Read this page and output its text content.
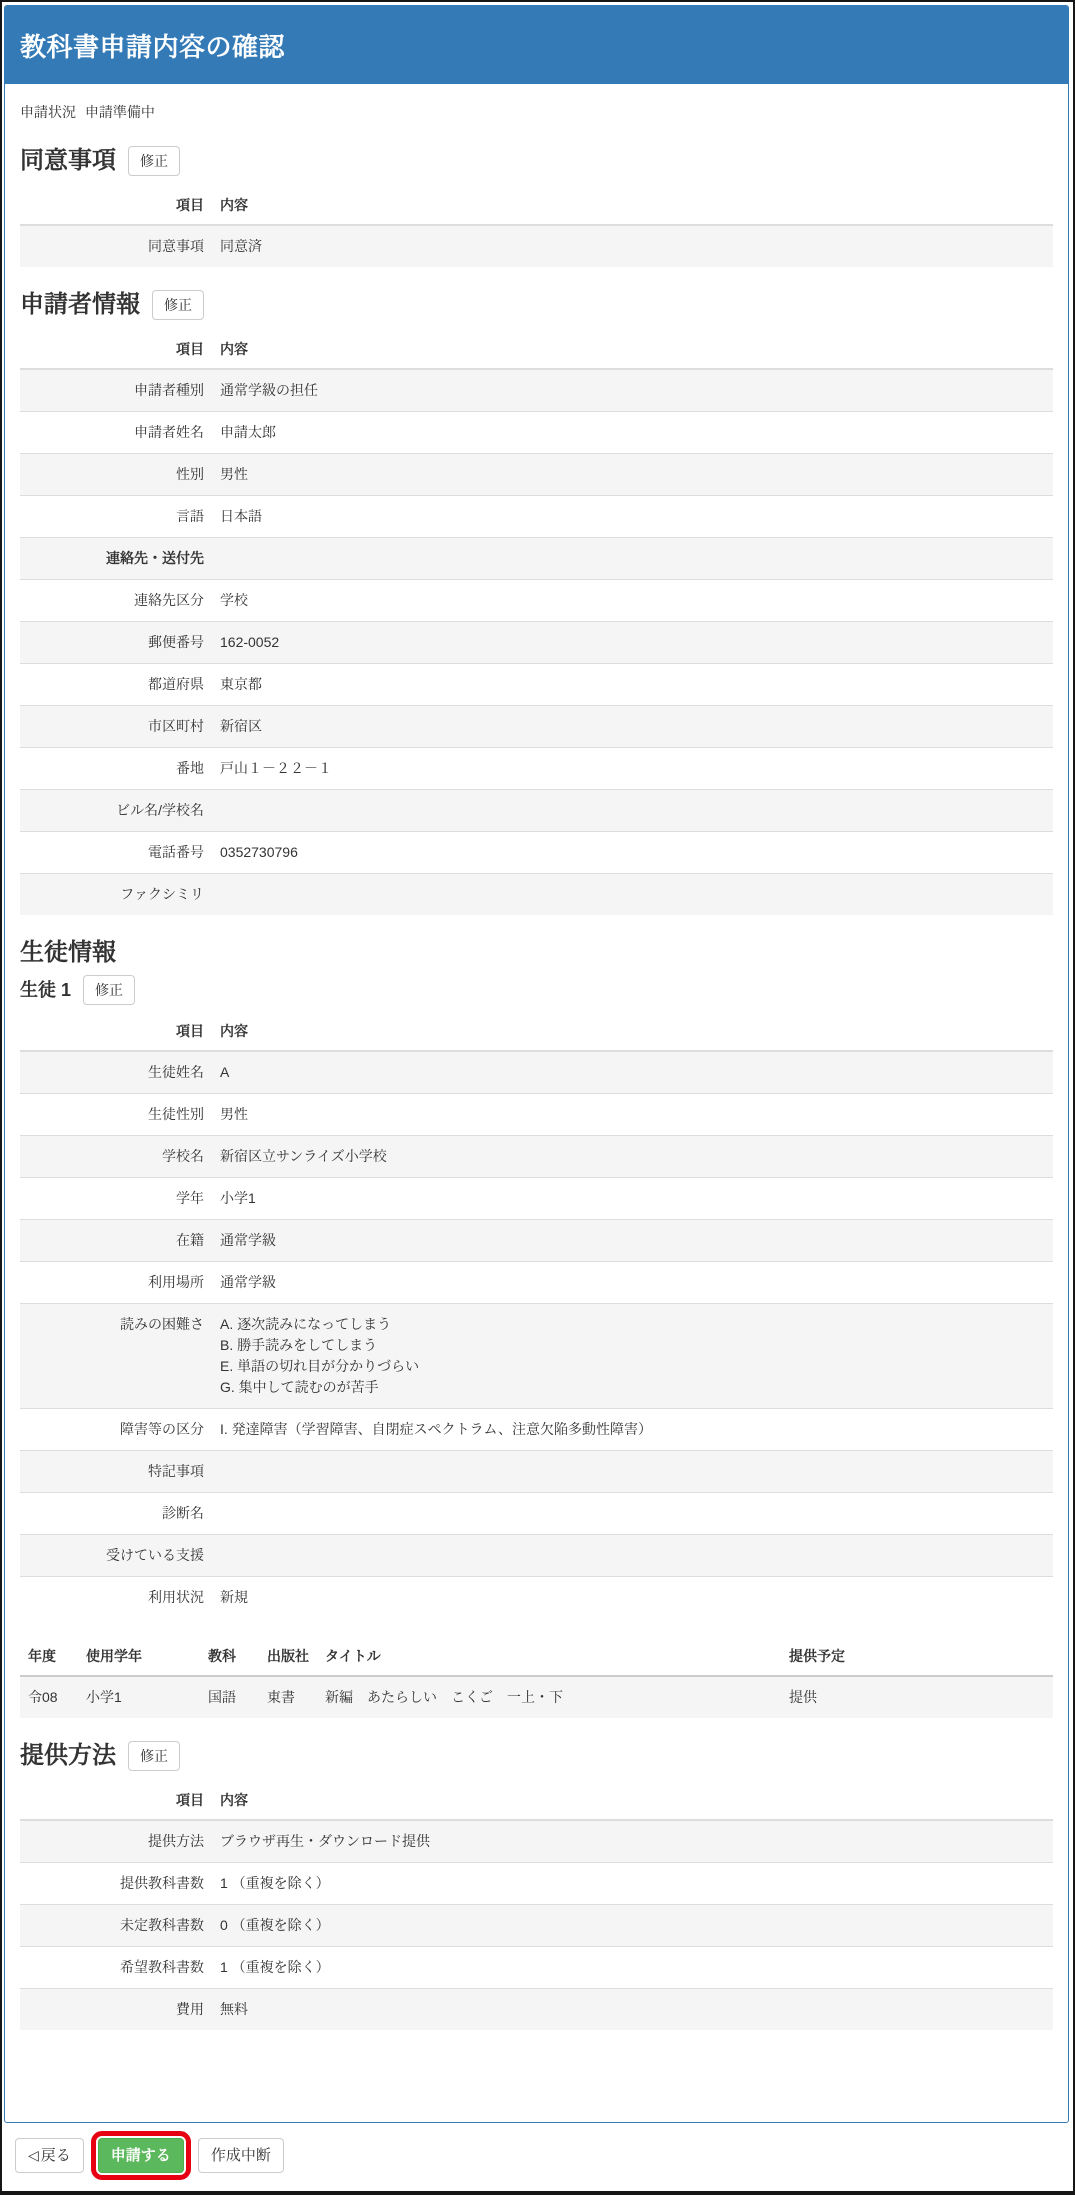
教科書申請内容の確認
申請状況 申請準備中
同意事項	修正
項目	内容
同意事項	同意済
申請者情報	修正
項目	内容
申請者種別	通常学級の担任
申請者姓名	申請太郎
性別	男性
言語	日本語
連絡先・送付先	
連絡先区分	学校
郵便番号	162-0052
都道府県	東京都
市区町村	新宿区
番地	戸山１－２２－１
ビル名/学校名	
電話番号	0352730796
ファクシミリ	
生徒情報
生徒 1	修正
項目	内容
生徒姓名	A
生徒性別	男性
学校名	新宿区立サンライズ小学校
学年	小学1
在籍	通常学級
利用場所	通常学級
読みの困難さ	A. 逐次読みになってしまう
B. 勝手読みをしてしまう
E. 単語の切れ目が分かりづらい
G. 集中して読むのが苦手

障害等の区分	I. 発達障害（学習障害、自閉症スペクトラム、注意欠陥多動性障害）
特記事項	
診断名	
受けている支援	
利用状況	新規
年度	使用学年	教科	出版社	タイトル	提供予定
令08	小学1	国語	東書	新編　あたらしい　こくご　一上・下	提供
提供方法	修正
項目	内容
提供方法	ブラウザ再生・ダウンロード提供
提供教科書数	1 （重複を除く）
未定教科書数	0 （重複を除く）
希望教科書数	1 （重複を除く）
費用	無料
◁ 戻る	申請する	作成中断
